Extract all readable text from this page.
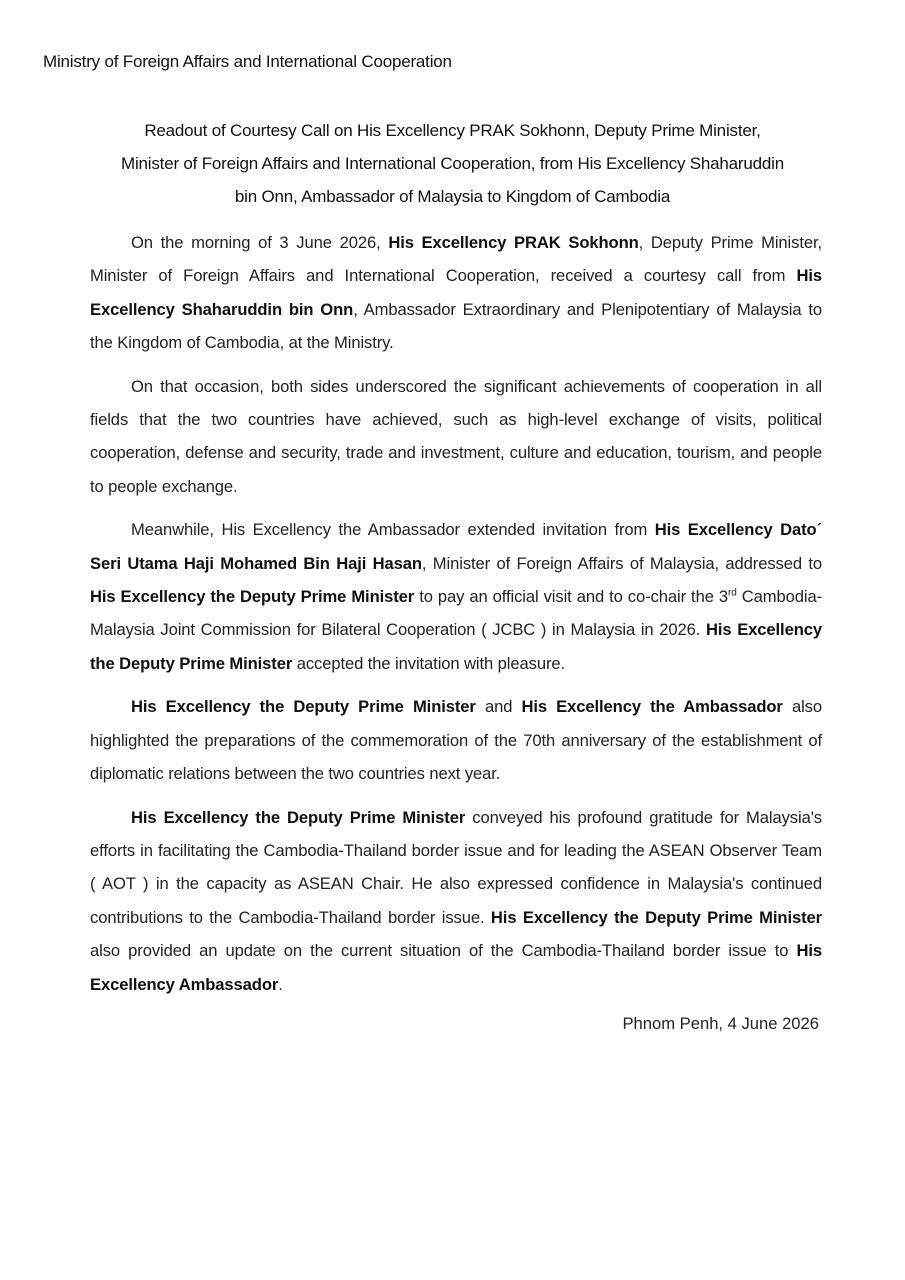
Ministry of Foreign Affairs and International Cooperation
Readout of Courtesy Call on His Excellency PRAK Sokhonn, Deputy Prime Minister,
Minister of Foreign Affairs and International Cooperation, from His Excellency Shaharuddin
bin Onn, Ambassador of Malaysia to Kingdom of Cambodia

On the morning of 3 June 2026, His Excellency PRAK Sokhonn, Deputy Prime Minister, Minister of Foreign Affairs and International Cooperation, received a courtesy call from His Excellency Shaharuddin bin Onn, Ambassador Extraordinary and Plenipotentiary of Malaysia to the Kingdom of Cambodia, at the Ministry.

On that occasion, both sides underscored the significant achievements of cooperation in all fields that the two countries have achieved, such as high-level exchange of visits, political cooperation, defense and security, trade and investment, culture and education, tourism, and people to people exchange.

Meanwhile, His Excellency the Ambassador extended invitation from His Excellency Dato´ Seri Utama Haji Mohamed Bin Haji Hasan, Minister of Foreign Affairs of Malaysia, addressed to His Excellency the Deputy Prime Minister to pay an official visit and to co-chair the 3rd Cambodia-Malaysia Joint Commission for Bilateral Cooperation ( JCBC ) in Malaysia in 2026. His Excellency the Deputy Prime Minister accepted the invitation with pleasure.

His Excellency the Deputy Prime Minister and His Excellency the Ambassador also highlighted the preparations of the commemoration of the 70th anniversary of the establishment of diplomatic relations between the two countries next year.

His Excellency the Deputy Prime Minister conveyed his profound gratitude for Malaysia's efforts in facilitating the Cambodia-Thailand border issue and for leading the ASEAN Observer Team ( AOT ) in the capacity as ASEAN Chair. He also expressed confidence in Malaysia's continued contributions to the Cambodia-Thailand border issue. His Excellency the Deputy Prime Minister also provided an update on the current situation of the Cambodia-Thailand border issue to His Excellency Ambassador.

Phnom Penh, 4 June 2026
